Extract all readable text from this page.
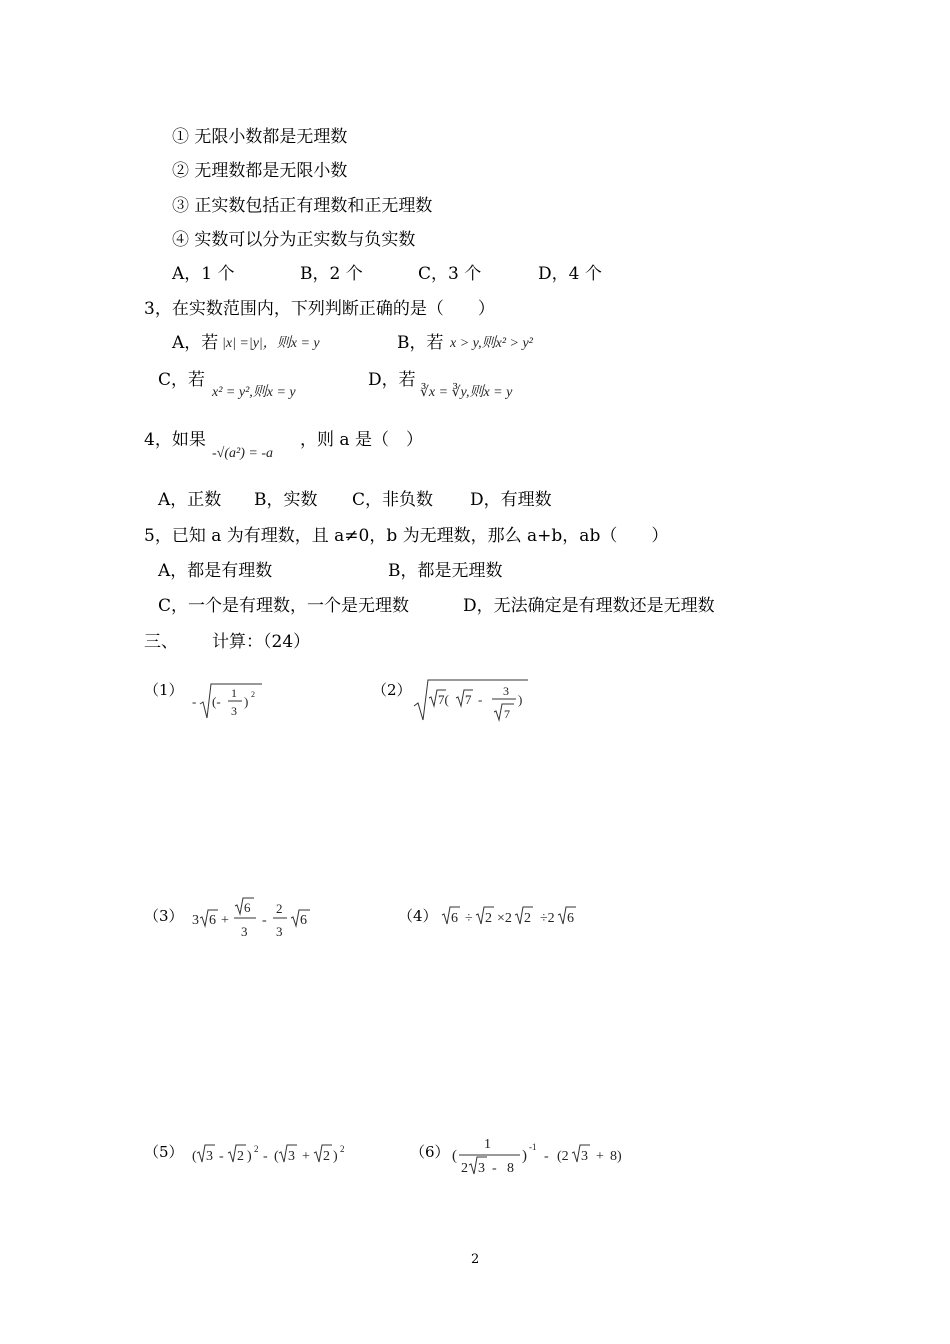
① 无限小数都是无理数
② 无理数都是无限小数
③ 正实数包括正有理数和正无理数
④ 实数可以分为正实数与负实数
A，1 个	B，2 个	C，3 个	D，4 个
3，在实数范围内，下列判断正确的是（　　）
A，若 |x| =|y|，则x = y	B，若 x > y,则x² > y²
C，若
x² = y²,则x = y
D，若
∛x = ∛y,则x = y
4，如果
-√(a²) = -a
，则 a 是（　）
A，正数 B，实数 C，非负数 D，有理数
5，已知 a 为有理数，且 a≠0，b 为无理数，那么 a+b，ab（　　）
A，都是有理数	B，都是无理数
C，一个是有理数，一个是无理数	D，无法确定是有理数还是无理数
三、 计算：（24）
（1）
- (-
1
3
) 2	（2）
7( 7 -
3
7
)
（3） 3 6 +
6
3
-
2
3
6	（4） 6 ÷ 2 ×2 2 ÷2 6
（5） ( 3 - 2 ) 2 - ( 3 + 2 ) 2	（6） (
1
2 3 - 8
)
-1
- (2 3 + 8)
2
